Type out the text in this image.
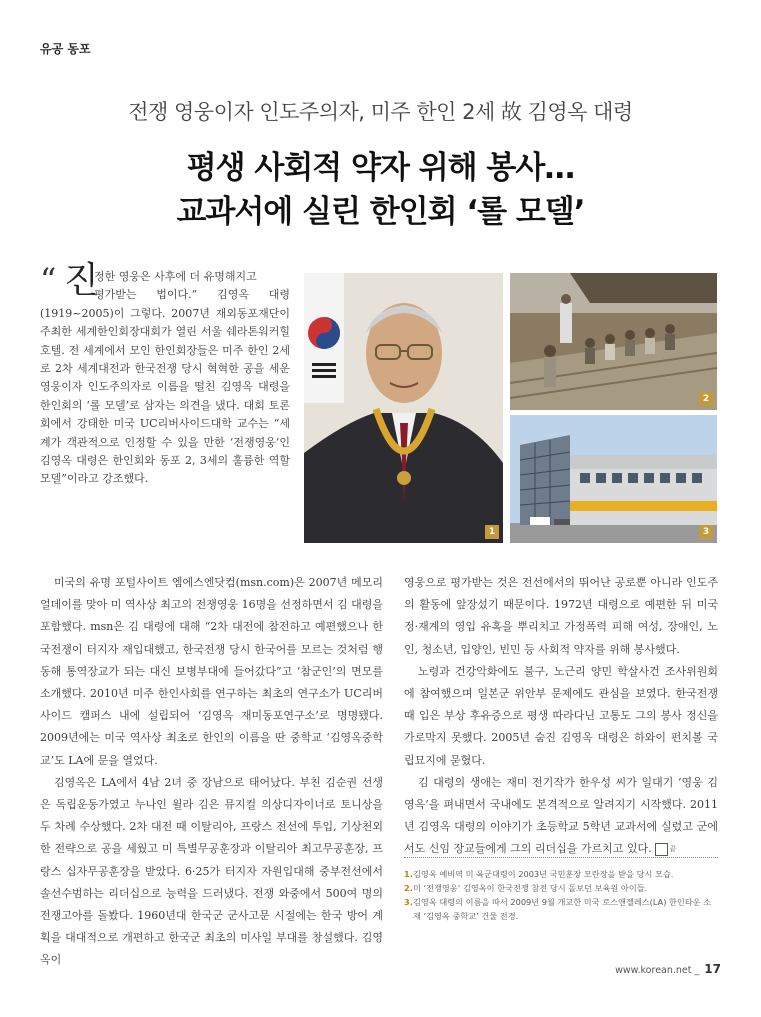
유공 동포
전쟁 영웅이자 인도주의자, 미주 한인 2세 故 김영옥 대령
평생 사회적 약자 위해 봉사…
교과서에 실린 한인회 ‘롤 모델’
“ 진

정한 영웅은 사후에 더 유명해지고
평가받는 법이다.” 김영옥 대령 (1919~2005)이 그렇다. 2007년 재외동포재단이 주최한 세계한인회장대회가 열린 서울 쉐라톤워커힐호텔. 전 세계에서 모인 한인회장들은 미주 한인 2세로 2차 세계대전과 한국전쟁 당시 혁혁한 공을 세운 영웅이자 인도주의자로 이름을 떨친 김영옥 대령을 한인회의 ‘롤 모델’로 삼자는 의견을 냈다. 대회 토론회에서 강태한 미국 UC리버사이드대학 교수는 “세계가 객관적으로 인정할 수 있을 만한 ‘전쟁영웅’인 김영옥 대령은 한인회와 동포 2, 3세의 훌륭한 역할 모델”이라고 강조했다.

1
2
3

미국의 유명 포털사이트 엠에스엔닷컴(msn.com)은 2007년 메모리얼데이를 맞아 미 역사상 최고의 전쟁영웅 16명을 선정하면서 김 대령을 포함했다. msn은 김 대령에 대해 “2차 대전에 참전하고 예편했으나 한국전쟁이 터지자 재입대했고, 한국전쟁 당시 한국어를 모르는 것처럼 행동해 통역장교가 되는 대신 보병부대에 들어갔다”고 ‘참군인’의 면모를 소개했다. 2010년 미주 한인사회를 연구하는 최초의 연구소가 UC리버사이드 캠퍼스 내에 설립되어 ‘김영옥 재미동포연구소’로 명명됐다. 2009년에는 미국 역사상 최초로 한인의 이름을 딴 중학교 ‘김영옥중학교’도 LA에 문을 열었다.

김영옥은 LA에서 4남 2녀 중 장남으로 태어났다. 부친 김순권 선생은 독립운동가였고 누나인 윌라 김은 뮤지컬 의상디자이너로 토니상을 두 차례 수상했다. 2차 대전 때 이탈리아, 프랑스 전선에 투입, 기상천외한 전략으로 공을 세웠고 미 특별무공훈장과 이탈리아 최고무공훈장, 프랑스 십자무공훈장을 받았다. 6·25가 터지자 자원입대해 중부전선에서 솔선수범하는 리더십으로 능력을 드러냈다. 전쟁 와중에서 500여 명의 전쟁고아를 돌봤다. 1960년대 한국군 군사고문 시절에는 한국 방어 계획을 대대적으로 개편하고 한국군 최초의 미사일 부대를 창설했다. 김영옥이

영웅으로 평가받는 것은 전선에서의 뛰어난 공로뿐 아니라 인도주의 활동에 앞장섰기 때문이다. 1972년 대령으로 예편한 뒤 미국 정·재계의 영입 유혹을 뿌리치고 가정폭력 피해 여성, 장애인, 노인, 청소년, 입양인, 빈민 등 사회적 약자를 위해 봉사했다.

노령과 건강악화에도 불구, 노근리 양민 학살사건 조사위원회에 참여했으며 일본군 위안부 문제에도 관심을 보였다. 한국전쟁 때 입은 부상 후유증으로 평생 따라다닌 고통도 그의 봉사 정신을 가로막지 못했다. 2005년 숨진 김영옥 대령은 하와이 펀치볼 국립묘지에 묻혔다.

김 대령의 생애는 재미 전기작가 한우성 씨가 일대기 ‘영웅 김영옥’을 펴내면서 국내에도 본격적으로 알려지기 시작했다. 2011년 김영옥 대령의 이야기가 초등학교 5학년 교과서에 실렸고 군에서도 신임 장교들에게 그의 리더십을 가르치고 있다.	끝

1. 김영옥 예비역 미 육군대령이 2003년 국민훈장 모란장을 받을 당시 모습.
2. 미 ‘전쟁영웅’ 김영옥이 한국전쟁 참전 당시 돌보던 보육원 아이들.
3. 김영옥 대령의 이름을 따서 2009년 9월 개교한 미국 로스앤젤레스(LA) 한인타운 소재 ‘김영옥 중학교’ 건물 전경.
www.korean.net _ 17
